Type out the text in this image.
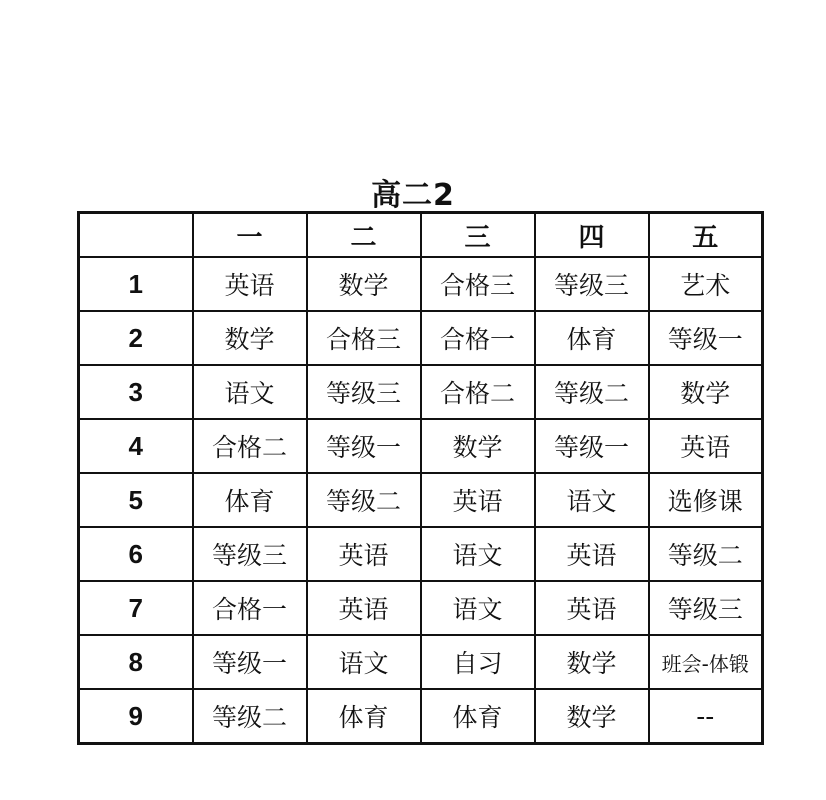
高二2
	一	二	三	四	五
1	英语	数学	合格三	等级三	艺术
2	数学	合格三	合格一	体育	等级一
3	语文	等级三	合格二	等级二	数学
4	合格二	等级一	数学	等级一	英语
5	体育	等级二	英语	语文	选修课
6	等级三	英语	语文	英语	等级二
7	合格一	英语	语文	英语	等级三
8	等级一	语文	自习	数学	班会-体锻
9	等级二	体育	体育	数学	--
